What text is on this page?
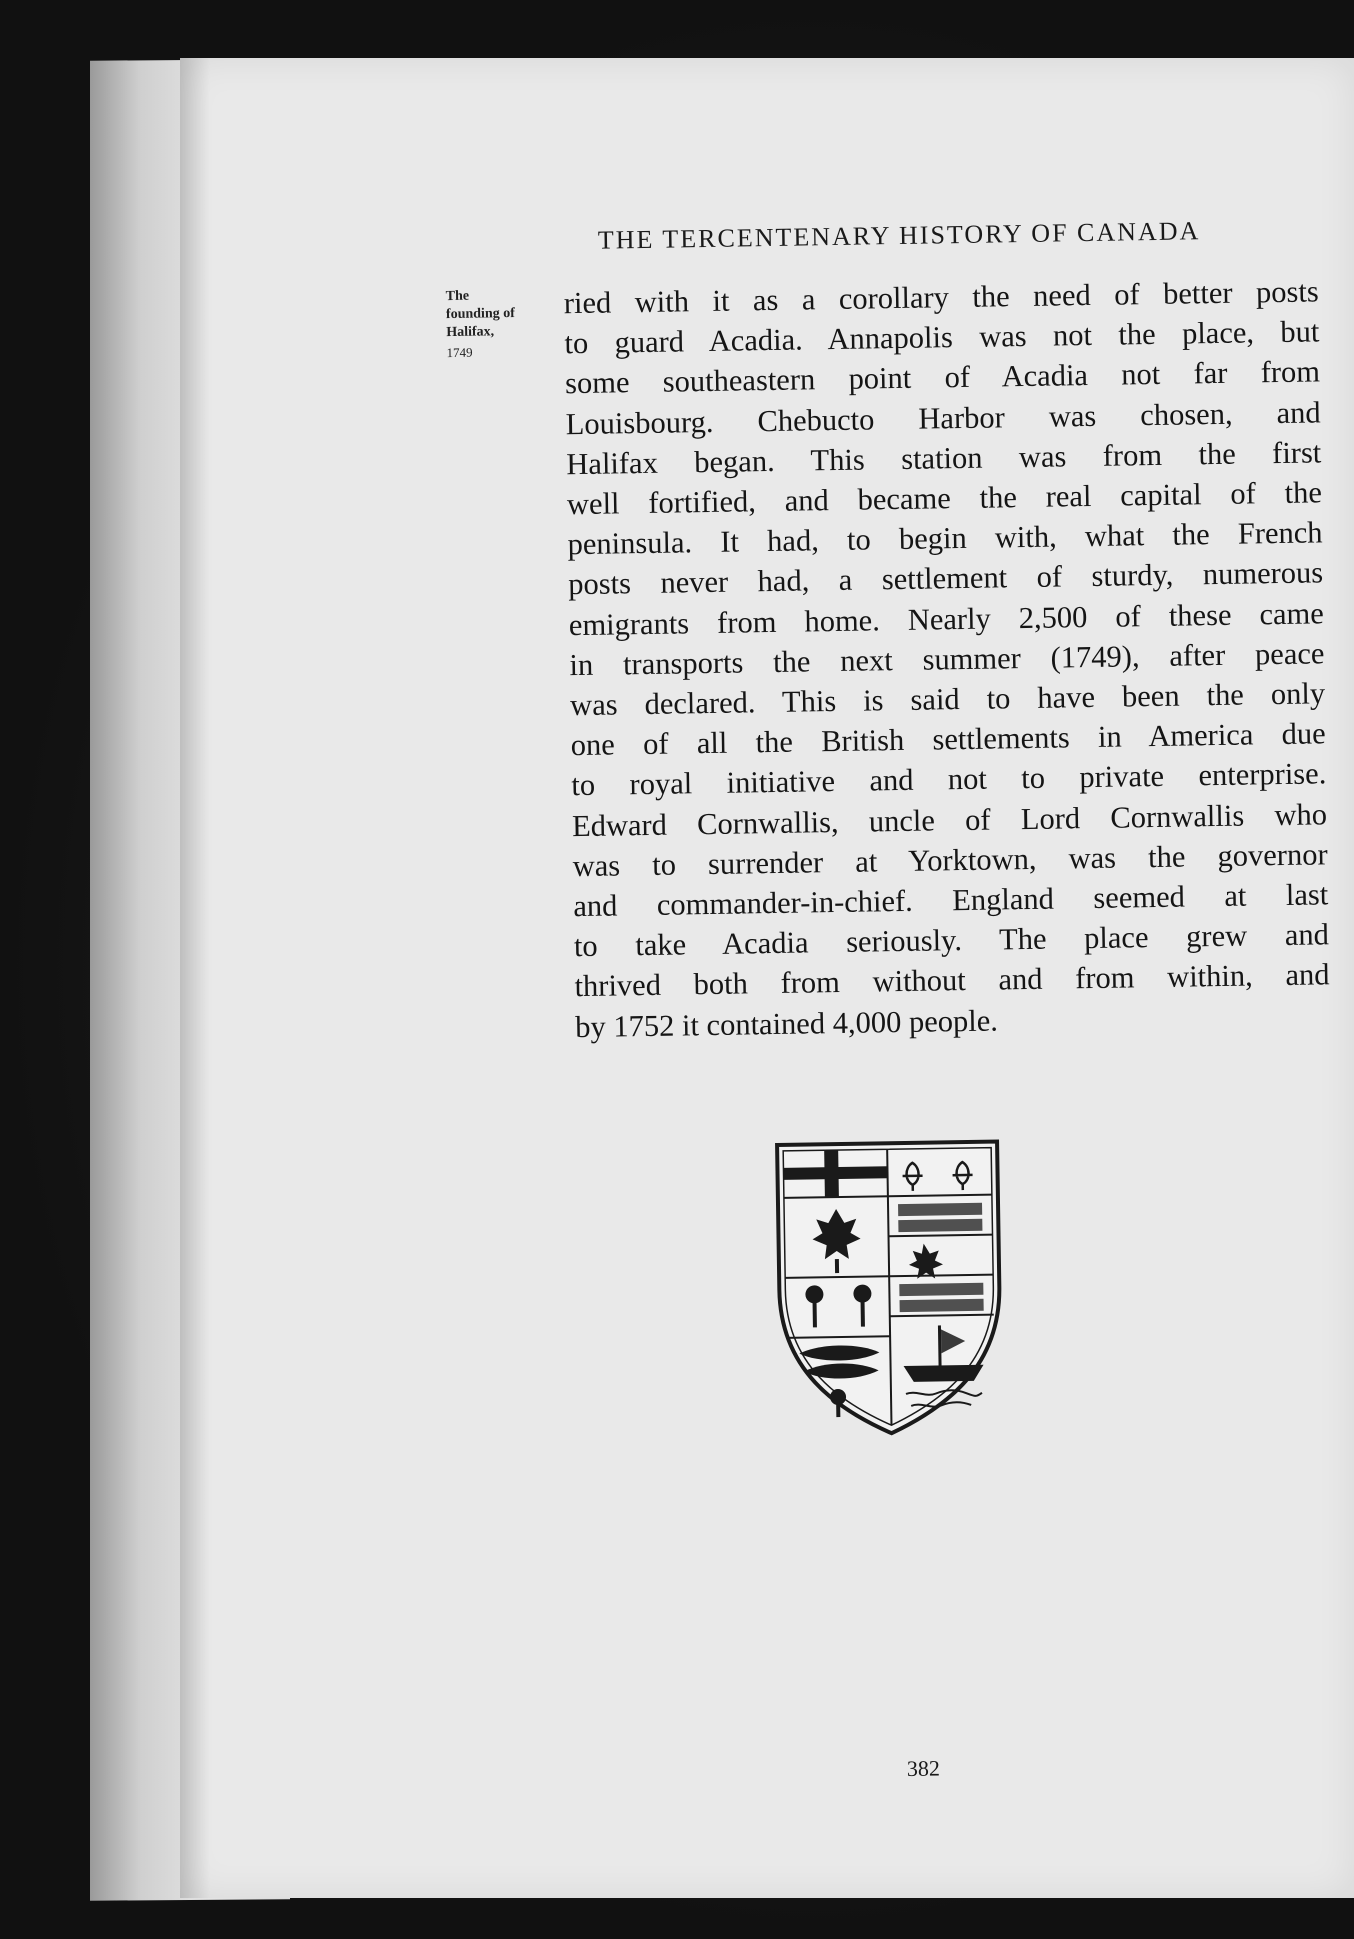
THE TERCENTENARY HISTORY OF CANADA
The
founding of
Halifax,
1749
ried with it as a corollary the need of better posts
to guard Acadia. Annapolis was not the place, but
some southeastern point of Acadia not far from
Louisbourg. Chebucto Harbor was chosen, and
Halifax began. This station was from the first
well fortified, and became the real capital of the
peninsula. It had, to begin with, what the French
posts never had, a settlement of sturdy, numerous
emigrants from home. Nearly 2,500 of these came
in transports the next summer (1749), after peace
was declared. This is said to have been the only
one of all the British settlements in America due
to royal initiative and not to private enterprise.
Edward Cornwallis, uncle of Lord Cornwallis who
was to surrender at Yorktown, was the governor
and commander-in-chief. England seemed at last
to take Acadia seriously. The place grew and
thrived both from without and from within, and
by 1752 it contained 4,000 people.
382
